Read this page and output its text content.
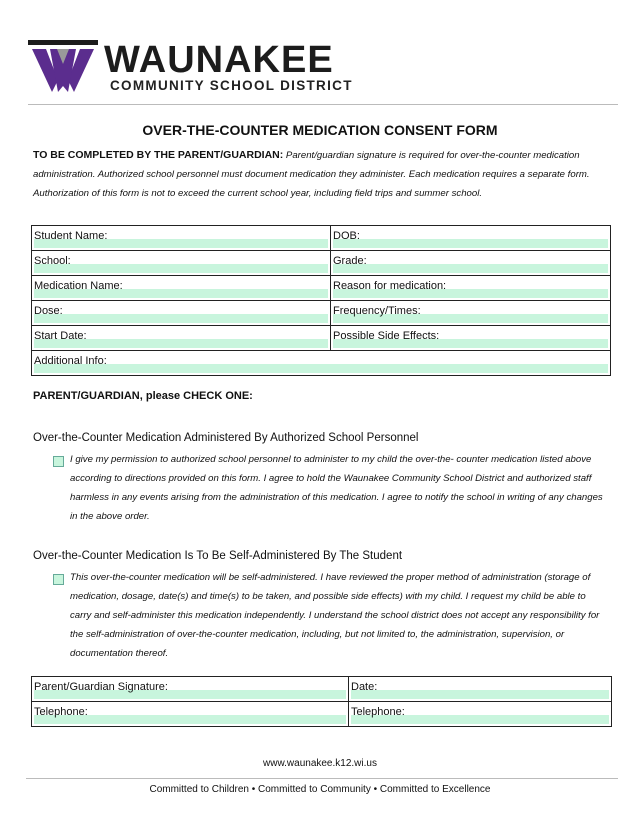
WAUNAKEE
COMMUNITY SCHOOL DISTRICT
OVER-THE-COUNTER MEDICATION CONSENT FORM
TO BE COMPLETED BY THE PARENT/GUARDIAN: Parent/guardian signature is required for over-the-counter medication administration. Authorized school personnel must document medication they administer. Each medication requires a separate form. Authorization of this form is not to exceed the current school year, including field trips and summer school.
Student Name:	DOB:

School:	Grade:

Medication Name:	Reason for medication:

Dose:	Frequency/Times:

Start Date:	Possible Side Effects:

Additional Info:	
PARENT/GUARDIAN, please CHECK ONE:
Over-the-Counter Medication Administered By Authorized School Personnel
I give my permission to authorized school personnel to administer to my child the over-the- counter medication listed above according to directions provided on this form. I agree to hold the Waunakee Community School District and authorized staff harmless in any events arising from the administration of this medication. I agree to notify the school in writing of any changes in the above order.
Over-the-Counter Medication Is To Be Self-Administered By The Student
This over-the-counter medication will be self-administered. I have reviewed the proper method of administration (storage of medication, dosage, date(s) and time(s) to be taken, and possible side effects) with my child. I request my child be able to carry and self-administer this medication independently. I understand the school district does not accept any responsibility for the self-administration of over-the-counter medication, including, but not limited to, the administration, supervision, or documentation thereof.
Parent/Guardian Signature:	Date:

Telephone:	Telephone:
www.waunakee.k12.wi.us
Committed to Children • Committed to Community • Committed to Excellence
